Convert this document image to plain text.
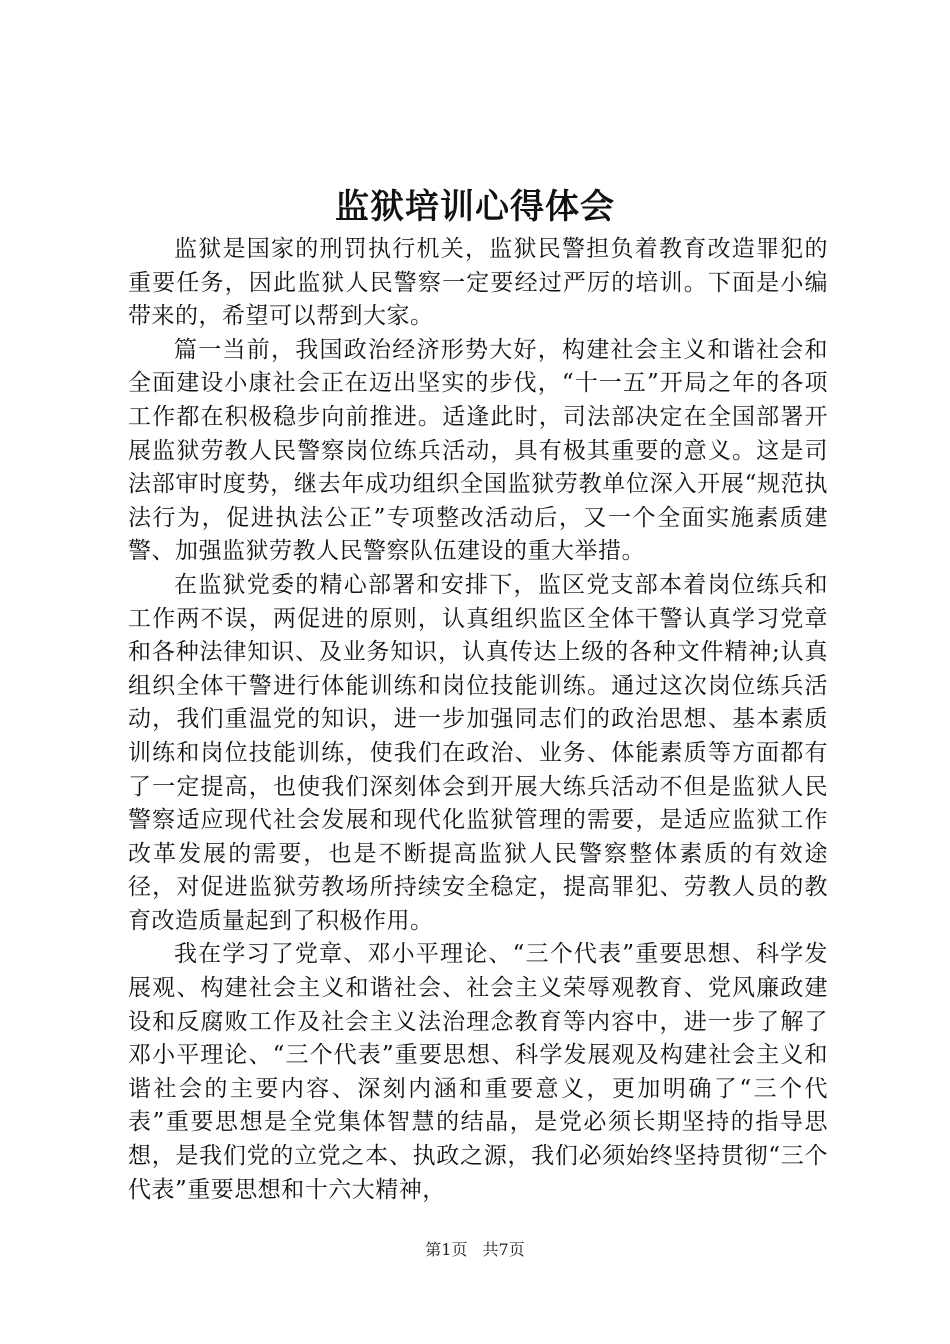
监狱培训心得体会

监狱是国家的刑罚执行机关，监狱民警担负着教育改造罪犯的重要任务，因此监狱人民警察一定要经过严厉的培训。下面是小编带来的，希望可以帮到大家。

篇一当前，我国政治经济形势大好，构建社会主义和谐社会和全面建设小康社会正在迈出坚实的步伐，“十一五”开局之年的各项工作都在积极稳步向前推进。适逢此时，司法部决定在全国部署开展监狱劳教人民警察岗位练兵活动，具有极其重要的意义。这是司法部审时度势，继去年成功组织全国监狱劳教单位深入开展“规范执法行为，促进执法公正”专项整改活动后，又一个全面实施素质建警、加强监狱劳教人民警察队伍建设的重大举措。

在监狱党委的精心部署和安排下，监区党支部本着岗位练兵和工作两不误，两促进的原则，认真组织监区全体干警认真学习党章和各种法律知识、及业务知识，认真传达上级的各种文件精神;认真组织全体干警进行体能训练和岗位技能训练。通过这次岗位练兵活动，我们重温党的知识，进一步加强同志们的政治思想、基本素质训练和岗位技能训练，使我们在政治、业务、体能素质等方面都有了一定提高，也使我们深刻体会到开展大练兵活动不但是监狱人民警察适应现代社会发展和现代化监狱管理的需要，是适应监狱工作改革发展的需要，也是不断提高监狱人民警察整体素质的有效途径，对促进监狱劳教场所持续安全稳定，提高罪犯、劳教人员的教育改造质量起到了积极作用。

我在学习了党章、邓小平理论、“三个代表”重要思想、科学发展观、构建社会主义和谐社会、社会主义荣辱观教育、党风廉政建设和反腐败工作及社会主义法治理念教育等内容中，进一步了解了邓小平理论、“三个代表”重要思想、科学发展观及构建社会主义和谐社会的主要内容、深刻内涵和重要意义，更加明确了“三个代表”重要思想是全党集体智慧的结晶，是党必须长期坚持的指导思想，是我们党的立党之本、执政之源，我们必须始终坚持贯彻“三个代表”重要思想和十六大精神，

第1页 共7页
